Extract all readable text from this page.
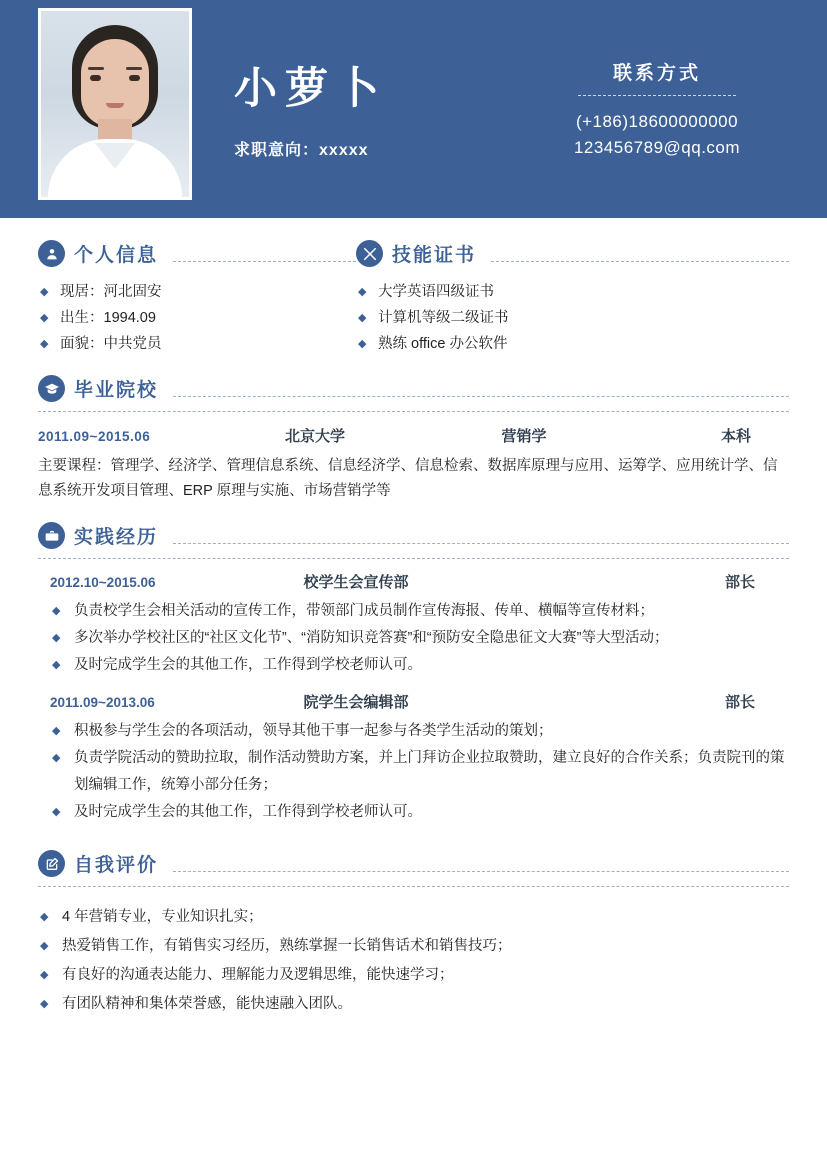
小萝卜
求职意向：xxxxx
联系方式
(+186)18600000000
123456789@qq.com
个人信息
◆ 现居：河北固安
◆ 出生：1994.09
◆ 面貌：中共党员
技能证书
◆ 大学英语四级证书
◆ 计算机等级二级证书
◆ 熟练 office 办公软件
毕业院校
2011.09~2015.06	北京大学	营销学	本科
主要课程：管理学、经济学、管理信息系统、信息经济学、信息检索、数据库原理与应用、运筹学、应用统计学、信息系统开发项目管理、ERP 原理与实施、市场营销学等
实践经历
2012.10~2015.06	校学生会宣传部	部长
◆ 负责校学生会相关活动的宣传工作，带领部门成员制作宣传海报、传单、横幅等宣传材料；
◆ 多次举办学校社区的“社区文化节”、“消防知识竞答赛”和“预防安全隐患征文大赛”等大型活动；
◆ 及时完成学生会的其他工作，工作得到学校老师认可。
2011.09~2013.06	院学生会编辑部	部长
◆ 积极参与学生会的各项活动，领导其他干事一起参与各类学生活动的策划；
◆ 负责学院活动的赞助拉取，制作活动赞助方案，并上门拜访企业拉取赞助，建立良好的合作关系；负责院刊的策划编辑工作，统筹小部分任务；
◆ 及时完成学生会的其他工作，工作得到学校老师认可。
自我评价
◆ 4 年营销专业，专业知识扎实；
◆ 热爱销售工作，有销售实习经历，熟练掌握⼀⻓销售话术和销售技巧；
◆ 有良好的沟通表达能力、理解能力及逻辑思维，能快速学习；
◆ 有团队精神和集体荣誉感，能快速融入团队。
